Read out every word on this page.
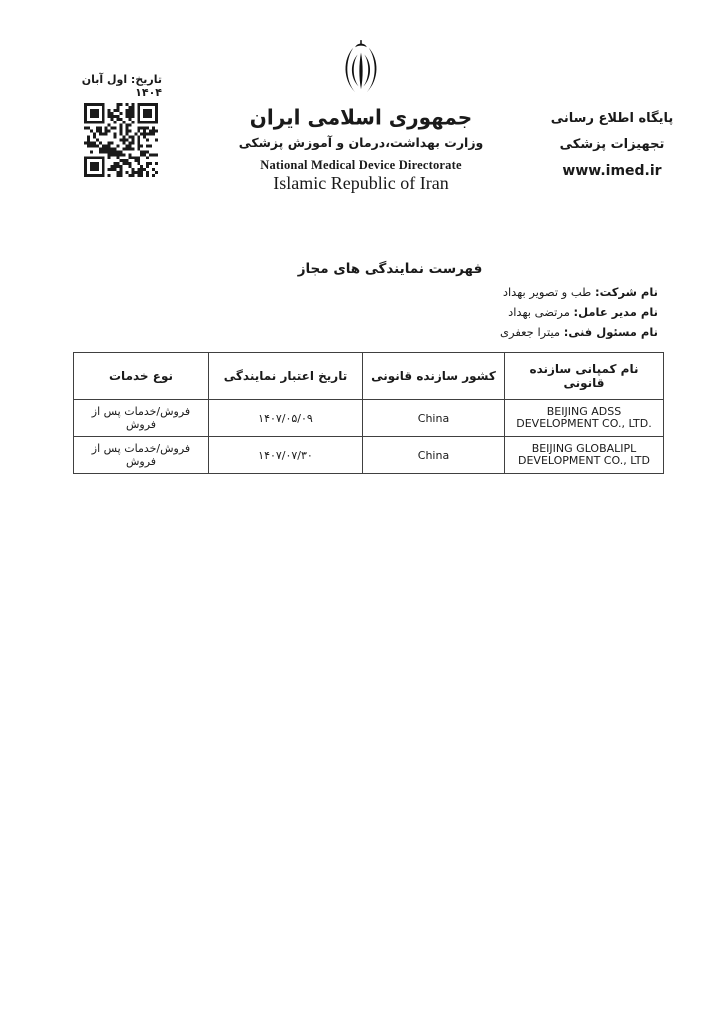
تاریخ: اول آبان ۱۴۰۴
جمهوری اسلامی ایران
وزارت بهداشت،درمان و آموزش پزشکی
National Medical Device Directorate
Islamic Republic of Iran
پایگاه اطلاع رسانی
تجهیزات پزشکی
www.imed.ir
فهرست نمایندگی های مجاز
نام شرکت: طب و تصویر بهداد
نام مدیر عامل: مرتضی بهداد
نام مسئول فنی: میترا جعفری
نام کمپانی سازنده قانونی	کشور سازنده قانونی	تاریخ اعتبار نمایندگی	نوع خدمات
BEIJING ADSS DEVELOPMENT CO., LTD.	China	۱۴۰۷/۰۵/۰۹	فروش/خدمات پس از فروش
BEIJING GLOBALIPL DEVELOPMENT CO., LTD	China	۱۴۰۷/۰۷/۳۰	فروش/خدمات پس از فروش
